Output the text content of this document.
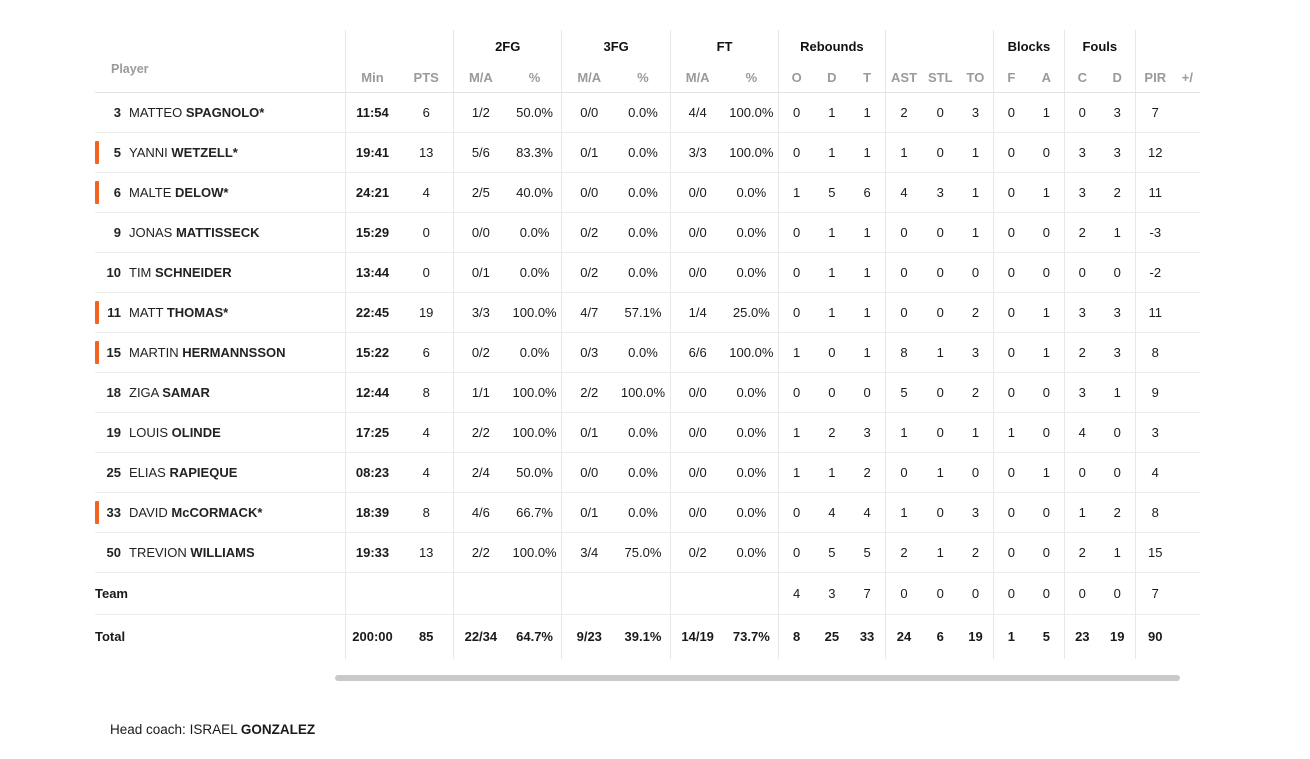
			2FG		3FG		FT		Rebounds						Blocks		Fouls			
Player	Min	PTS	M/A	%	M/A	%	M/A	%	O	D	T	AST	STL	TO	F	A	C	D	PIR	+/
3 MATTEO SPAGNOLO*	11:54	6	1/2	50.0%	0/0	0.0%	4/4	100.0%	0	1	1	2	0	3	0	1	0	3	7	

5 YANNI WETZELL*	19:41	13	5/6	83.3%	0/1	0.0%	3/3	100.0%	0	1	1	1	0	1	0	0	3	3	12	

6 MALTE DELOW*	24:21	4	2/5	40.0%	0/0	0.0%	0/0	0.0%	1	5	6	4	3	1	0	1	3	2	11	
9 JONAS MATTISSECK	15:29	0	0/0	0.0%	0/2	0.0%	0/0	0.0%	0	1	1	0	0	1	0	0	2	1	-3	
10 TIM SCHNEIDER	13:44	0	0/1	0.0%	0/2	0.0%	0/0	0.0%	0	1	1	0	0	0	0	0	0	0	-2	

11 MATT THOMAS*	22:45	19	3/3	100.0%	4/7	57.1%	1/4	25.0%	0	1	1	0	0	2	0	1	3	3	11	

15 MARTIN HERMANNSSON	15:22	6	0/2	0.0%	0/3	0.0%	6/6	100.0%	1	0	1	8	1	3	0	1	2	3	8	
18 ZIGA SAMAR	12:44	8	1/1	100.0%	2/2	100.0%	0/0	0.0%	0	0	0	5	0	2	0	0	3	1	9	
19 LOUIS OLINDE	17:25	4	2/2	100.0%	0/1	0.0%	0/0	0.0%	1	2	3	1	0	1	1	0	4	0	3	
25 ELIAS RAPIEQUE	08:23	4	2/4	50.0%	0/0	0.0%	0/0	0.0%	1	1	2	0	1	0	0	1	0	0	4	

33 DAVID McCORMACK*	18:39	8	4/6	66.7%	0/1	0.0%	0/0	0.0%	0	4	4	1	0	3	0	0	1	2	8	
50 TREVION WILLIAMS	19:33	13	2/2	100.0%	3/4	75.0%	0/2	0.0%	0	5	5	2	1	2	0	0	2	1	15	
Team									4	3	7	0	0	0	0	0	0	0	7	
Total	200:00	85	22/34	64.7%	9/23	39.1%	14/19	73.7%	8	25	33	24	6	19	1	5	23	19	90	
Head coach: ISRAEL GONZALEZ
